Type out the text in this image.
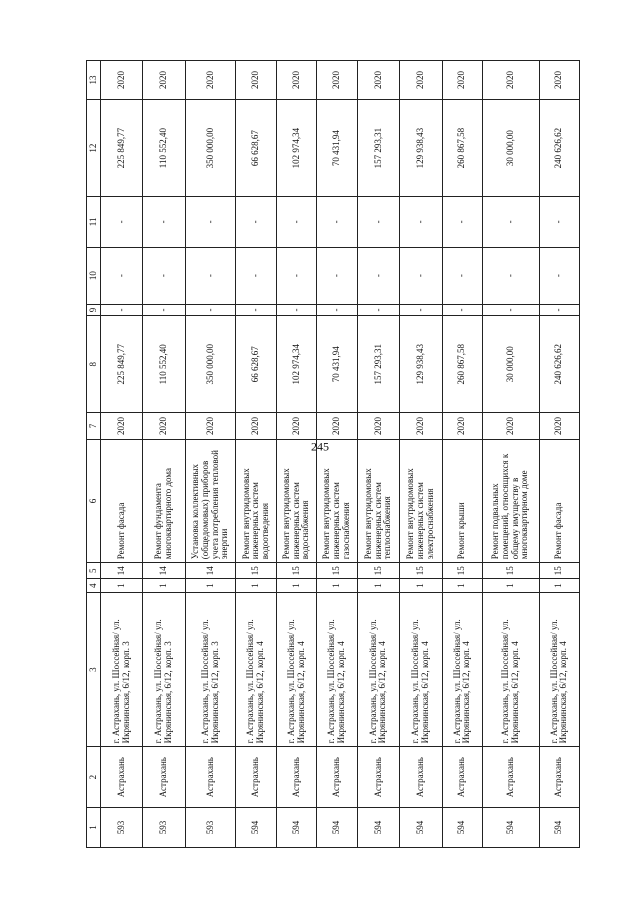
245
1	2	3	4	5	6	7	8	9	10	11	12	13
593	Астрахань	г. Астрахань, ул. Шоссейная/ ул. Икрянинская, 6/12, корп. 3	1	14	Ремонт фасада	2020	225 849,77	-	-	-	225 849,77	2020
593	Астрахань	г. Астрахань, ул. Шоссейная/ ул. Икрянинская, 6/12, корп. 3	1	14	Ремонт фундамента многоквартирного дома	2020	110 552,40	-	-	-	110 552,40	2020
593	Астрахань	г. Астрахань, ул. Шоссейная/ ул. Икрянинская, 6/12, корп. 3	1	14	Установка коллективных (общедомовых) приборов учета потребления тепловой энергии	2020	350 000,00	-	-	-	350 000,00	2020
594	Астрахань	г. Астрахань, ул. Шоссейная/ ул. Икрянинская, 6/12, корп. 4	1	15	Ремонт внутридомовых инженерных систем водоотведения	2020	66 628,67	-	-	-	66 628,67	2020
594	Астрахань	г. Астрахань, ул. Шоссейная/ ул. Икрянинская, 6/12, корп. 4	1	15	Ремонт внутридомовых инженерных систем водоснабжения	2020	102 974,34	-	-	-	102 974,34	2020
594	Астрахань	г. Астрахань, ул. Шоссейная/ ул. Икрянинская, 6/12, корп. 4	1	15	Ремонт внутридомовых инженерных систем газоснабжения	2020	70 431,94	-	-	-	70 431,94	2020
594	Астрахань	г. Астрахань, ул. Шоссейная/ ул. Икрянинская, 6/12, корп. 4	1	15	Ремонт внутридомовых инженерных систем теплоснабжения	2020	157 293,31	-	-	-	157 293,31	2020
594	Астрахань	г. Астрахань, ул. Шоссейная/ ул. Икрянинская, 6/12, корп. 4	1	15	Ремонт внутридомовых инженерных систем электроснабжения	2020	129 938,43	-	-	-	129 938,43	2020
594	Астрахань	г. Астрахань, ул. Шоссейная/ ул. Икрянинская, 6/12, корп. 4	1	15	Ремонт крыши	2020	260 867,58	-	-	-	260 867,58	2020
594	Астрахань	г. Астрахань, ул. Шоссейная/ ул. Икрянинская, 6/12, корп. 4	1	15	Ремонт подвальных помещений, относящихся к общему имуществу в многоквартирном доме	2020	30 000,00	-	-	-	30 000,00	2020
594	Астрахань	г. Астрахань, ул. Шоссейная/ ул. Икрянинская, 6/12, корп. 4	1	15	Ремонт фасада	2020	240 626,62	-	-	-	240 626,62	2020
